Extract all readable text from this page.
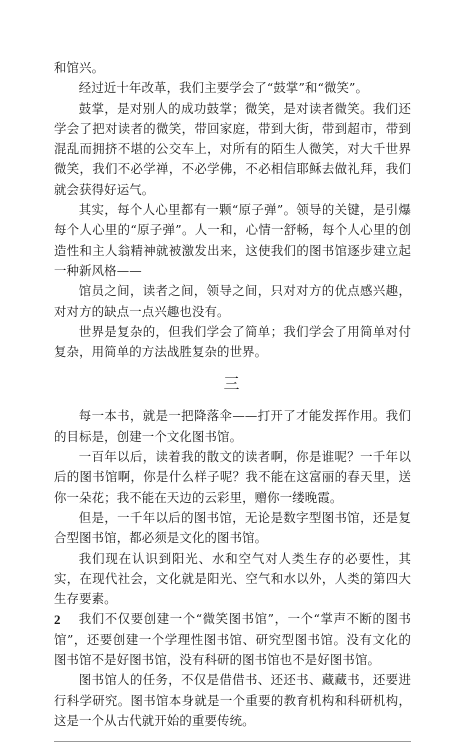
和馆兴。

经过近十年改革，我们主要学会了“鼓掌”和“微笑”。

鼓掌，是对别人的成功鼓掌；微笑，是对读者微笑。我们还学会了把对读者的微笑，带回家庭，带到大街，带到超市，带到混乱而拥挤不堪的公交车上，对所有的陌生人微笑，对大千世界微笑，我们不必学禅，不必学佛，不必相信耶稣去做礼拜，我们就会获得好运气。

其实，每个人心里都有一颗“原子弹”。领导的关键，是引爆每个人心里的“原子弹”。人一和，心情一舒畅，每个人心里的创造性和主人翁精神就被激发出来，这使我们的图书馆逐步建立起一种新风格——

馆员之间，读者之间，领导之间，只对对方的优点感兴趣，对对方的缺点一点兴趣也没有。

世界是复杂的，但我们学会了简单；我们学会了用简单对付复杂，用简单的方法战胜复杂的世界。

三

每一本书，就是一把降落伞——打开了才能发挥作用。我们的目标是，创建一个文化图书馆。

一百年以后，读着我的散文的读者啊，你是谁呢？一千年以后的图书馆啊，你是什么样子呢？我不能在这富丽的春天里，送你一朵花；我不能在天边的云彩里，赠你一缕晚霞。

但是，一千年以后的图书馆，无论是数字型图书馆，还是复合型图书馆，都必须是文化的图书馆。

我们现在认识到阳光、水和空气对人类生存的必要性，其实，在现代社会，文化就是阳光、空气和水以外，人类的第四大生存要素。

我们不仅要创建一个“微笑图书馆”，一个“掌声不断的图书馆”，还要创建一个学理性图书馆、研究型图书馆。没有文化的图书馆不是好图书馆，没有科研的图书馆也不是好图书馆。

图书馆人的任务，不仅是借借书、还还书、藏藏书，还要进行科学研究。图书馆本身就是一个重要的教育机构和科研机构，这是一个从古代就开始的重要传统。

2
